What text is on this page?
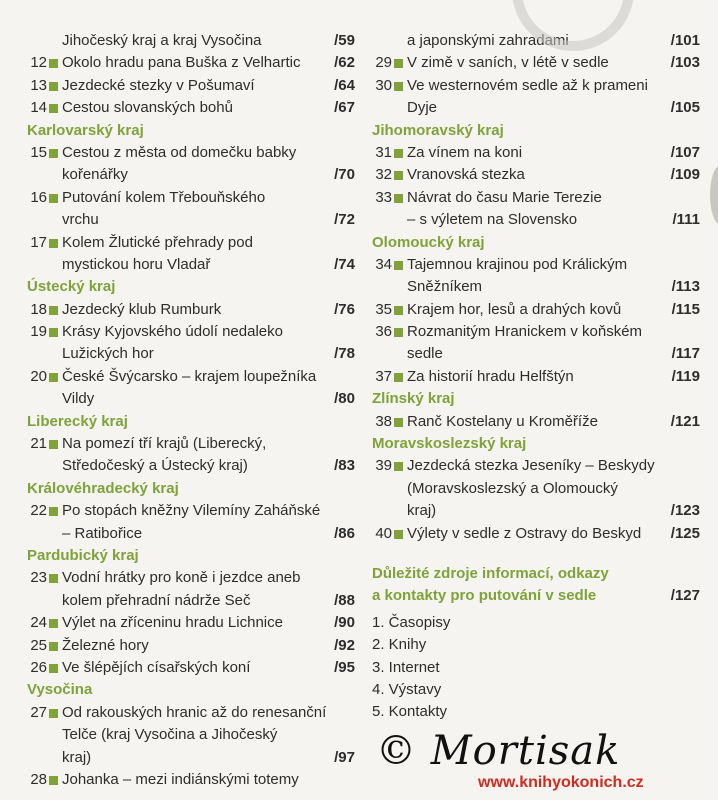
Jihočeský kraj a kraj Vysočina	/59
12 Okolo hradu pana Buška z Velhartic /62
13 Jezdecké stezky v Pošumaví	/64
14 Cestou slovanských bohů	/67
Karlovarský kraj
15 Cestou z města od domečku babky
kořenářky	/70
16 Putování kolem Třebouňského
vrchu	/72
17 Kolem Žlutické přehrady pod
mystickou horu Vladař	/74
Ústecký kraj
18 Jezdecký klub Rumburk	/76
19 Krásy Kyjovského údolí nedaleko
Lužických hor	/78
20 České Švýcarsko – krajem loupežníka
Vildy	/80
Liberecký kraj
21 Na pomezí tří krajů (Liberecký,
Středočeský a Ústecký kraj)	/83
Královéhradecký kraj
22 Po stopách kněžny Vilemíny Zaháňské
– Ratibořice	/86
Pardubický kraj
23 Vodní hrátky pro koně i jezdce aneb
kolem přehradní nádrže Seč	/88
24 Výlet na zříceninu hradu Lichnice	/90
25 Železné hory	/92
26 Ve šlépějích císařských koní	/95
Vysočina
27 Od rakouských hranic až do renesanční
Telče (kraj Vysočina a Jihočeský
kraj)	/97
28 Johanka – mezi indiánskými totemy
a japonskými zahradami	/101
29 V zimě v saních, v létě v sedle	/103
30 Ve westernovém sedle až k prameni
Dyje	/105
Jihomoravský kraj
31 Za vínem na koni	/107
32 Vranovská stezka	/109
33 Návrat do času Marie Terezie
– s výletem na Slovensko	/111
Olomoucký kraj
34 Tajemnou krajinou pod Králickým
Sněžníkem	/113
35 Krajem hor, lesů a drahých kovů	/115
36 Rozmanitým Hranickem v koňském
sedle	/117
37 Za historií hradu Helfštýn	/119
Zlínský kraj
38 Ranč Kostelany u Kroměříže	/121
Moravskoslezský kraj
39 Jezdecká stezka Jeseníky – Beskydy
(Moravskoslezský a Olomoucký
kraj)	/123
40 Výlety v sedle z Ostravy do Beskyd /125
Důležité zdroje informací, odkazy
a kontakty pro putování v sedle	/127
1. Časopisy
2. Knihy
3. Internet
4. Výstavy
5. Kontakty
© Mortisak
www.knihyokonich.cz
